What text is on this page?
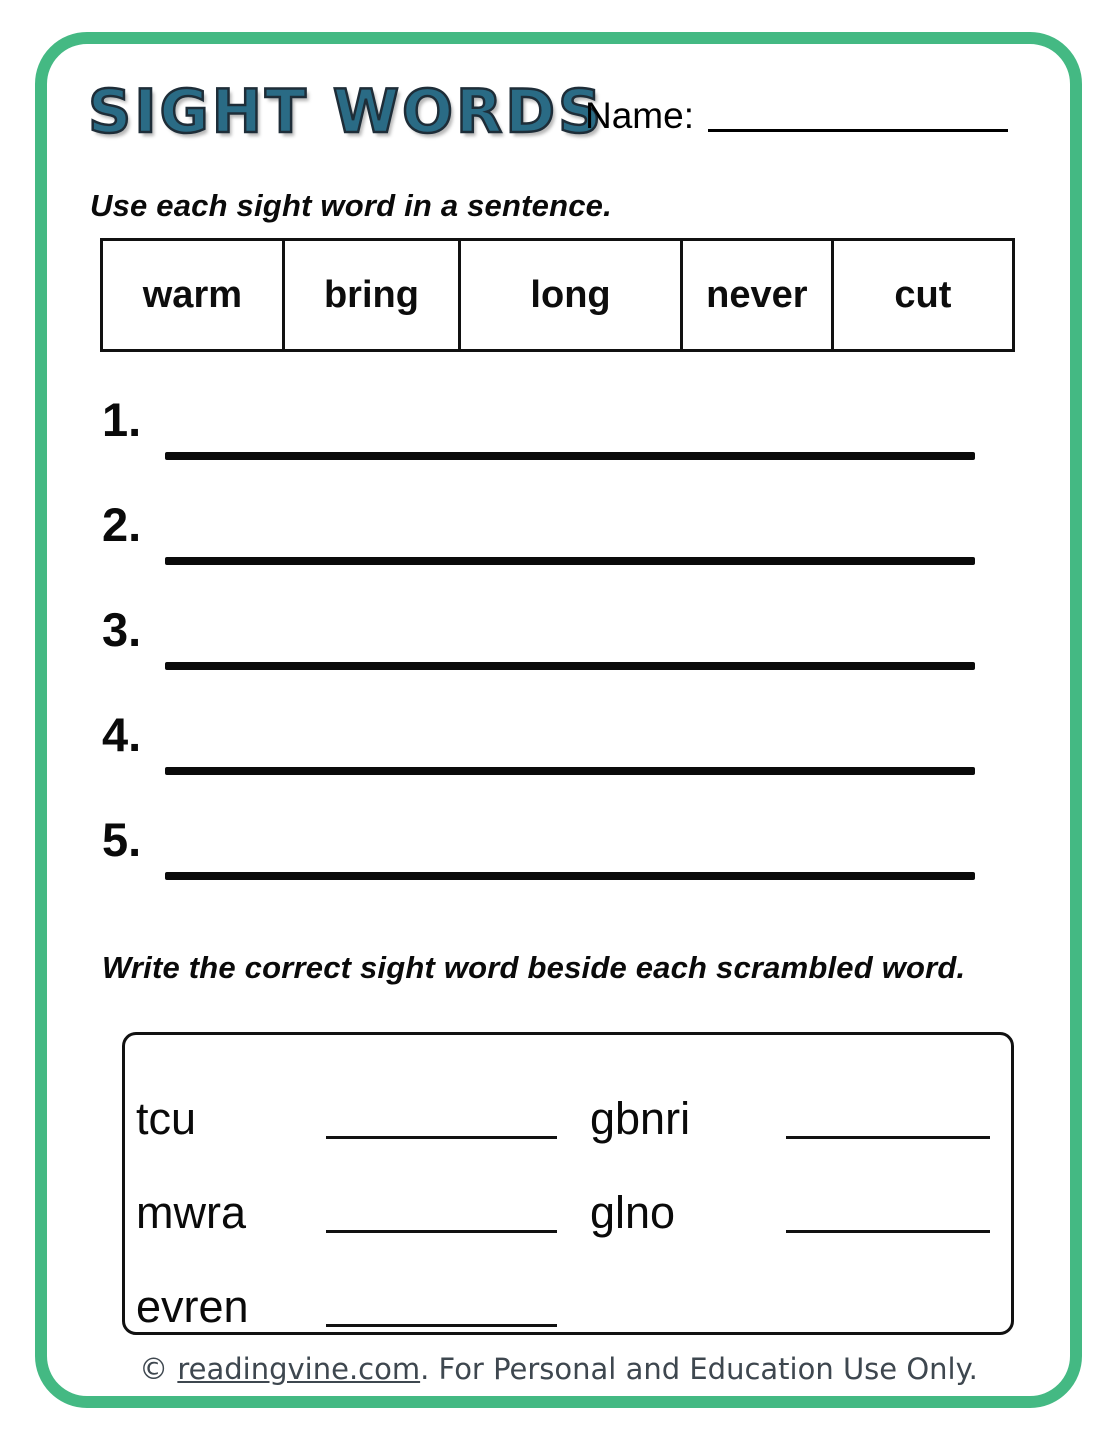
SIGHT WORDS
Name:

Use each sight word in a sentence.

warm	bring	long	never	cut
1.
2.
3.
4.
5.

Write the correct sight word beside each scrambled word.

tcu	gbnri
mwra	glno
evren
© readingvine.com. For Personal and Education Use Only.
